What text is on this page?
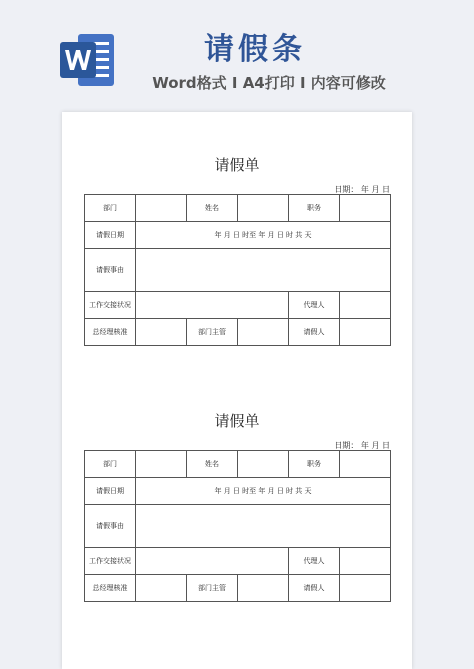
请假条
Word格式 I A4打印 I 内容可修改
请假单
日期： 年 月 日
部门		姓名		职务	
请假日期	年 月 日 时至 年 月 日 时 共 天				
请假事由					
工作交接状况				代理人	
总经理核准		部门主管		请假人	
请假单
日期： 年 月 日
部门		姓名		职务	
请假日期	年 月 日 时至 年 月 日 时 共 天				
请假事由					
工作交接状况				代理人	
总经理核准		部门主管		请假人	
